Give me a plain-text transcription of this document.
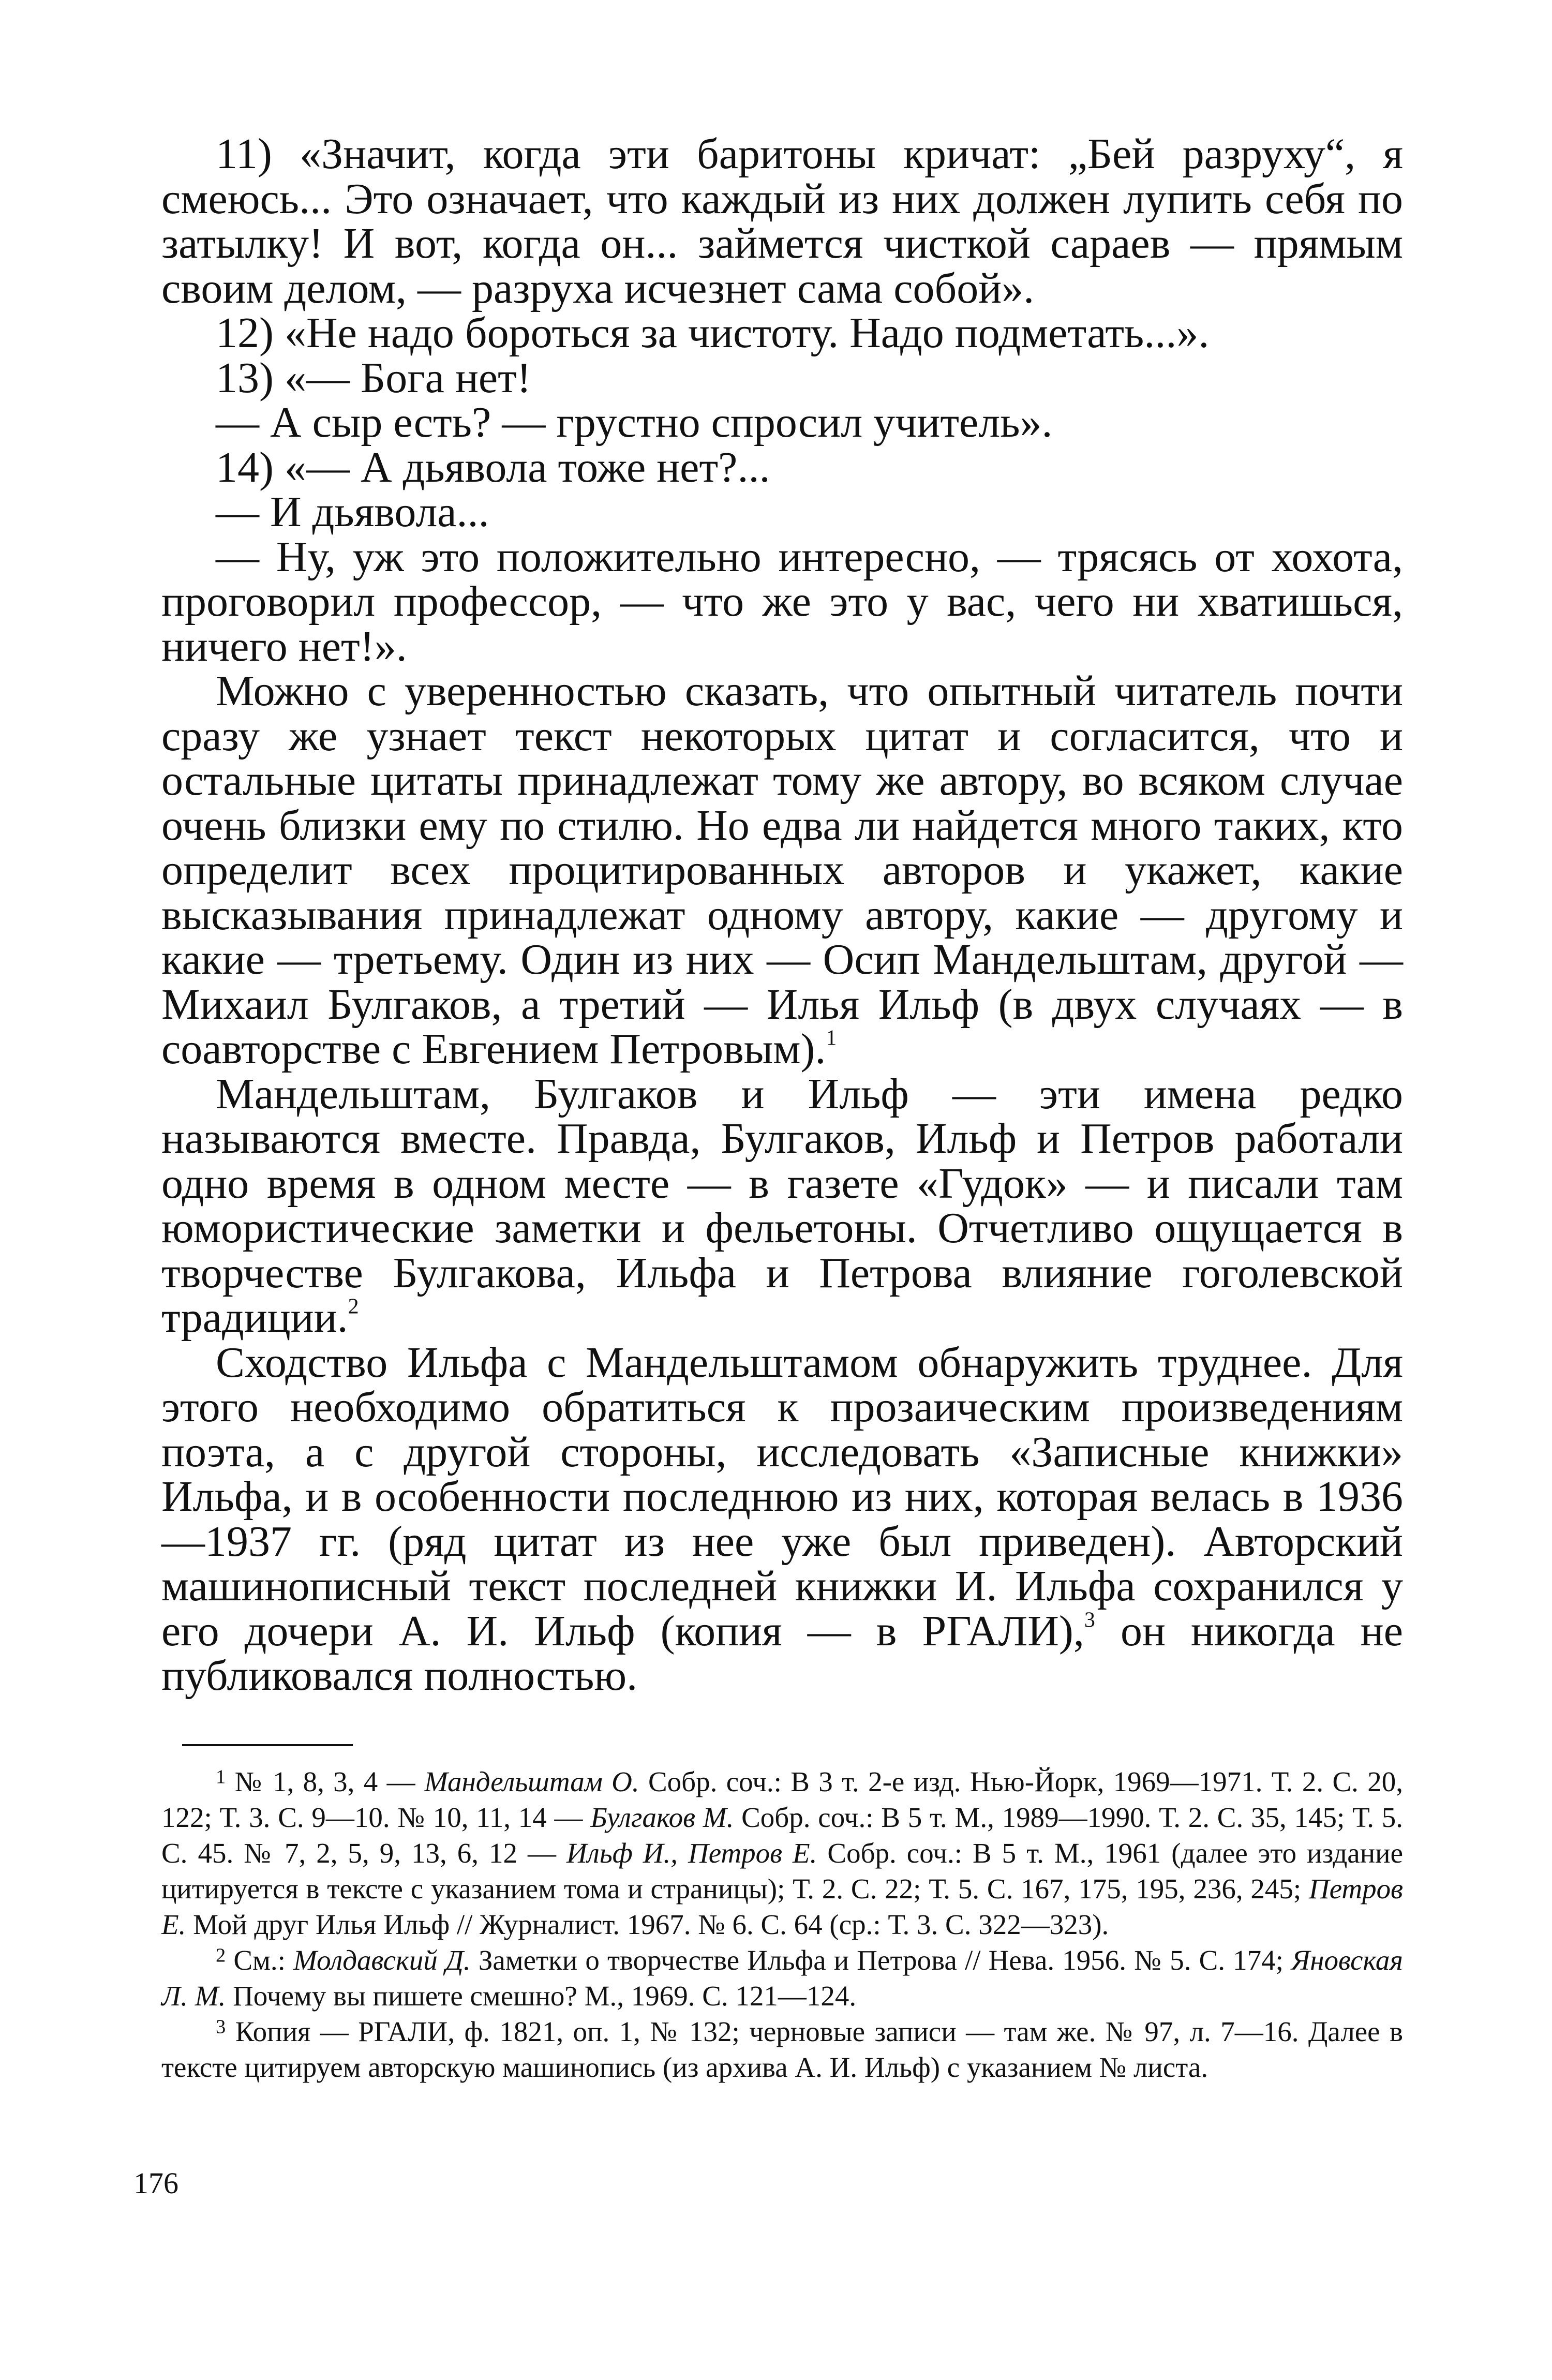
11) «Значит, когда эти баритоны кричат: „Бей разруху“, я смеюсь... Это означает, что каждый из них должен лупить себя по затылку! И вот, когда он... займется чисткой сараев — прямым своим делом, — разруха исчезнет сама собой».

12) «Не надо бороться за чистоту. Надо подметать...».

13) «— Бога нет!

— А сыр есть? — грустно спросил учитель».

14) «— А дьявола тоже нет?...

— И дьявола...

— Ну, уж это положительно интересно, — трясясь от хохота, проговорил профессор, — что же это у вас, чего ни хватишься, ничего нет!».

Можно с уверенностью сказать, что опытный читатель почти сразу же узнает текст некоторых цитат и согласится, что и остальные цитаты принадлежат тому же автору, во всяком случае очень близки ему по стилю. Но едва ли найдется много таких, кто определит всех процитированных авторов и укажет, какие высказывания принадлежат одному автору, какие — другому и какие — третьему. Один из них — Осип Мандельштам, другой — Михаил Булгаков, а третий — Илья Ильф (в двух случаях — в соавторстве с Евгением Петровым).$^1$

Мандельштам, Булгаков и Ильф — эти имена редко называются вместе. Правда, Булгаков, Ильф и Петров работали одно время в одном месте — в газете «Гудок» — и писали там юмористические заметки и фельетоны. Отчетливо ощущается в творчестве Булгакова, Ильфа и Петрова влияние гоголевской традиции.$^2$

Сходство Ильфа с Мандельштамом обнаружить труднее. Для этого необходимо обратиться к прозаическим произведениям поэта, а с другой стороны, исследовать «Записные книжки» Ильфа, и в особенности последнюю из них, которая велась в 1936—1937 гг. (ряд цитат из нее уже был приведен). Авторский машинописный текст последней книжки И. Ильфа сохранился у его дочери А. И. Ильф (копия — в РГАЛИ),$^3$ он никогда не публиковался полностью.

$^1$ № 1, 8, 3, 4 — Мандельштам О. Собр. соч.: В 3 т. 2-е изд. Нью-Йорк, 1969—1971. Т. 2. С. 20, 122; Т. 3. С. 9—10. № 10, 11, 14 — Булгаков М. Собр. соч.: В 5 т. М., 1989—1990. Т. 2. С. 35, 145; Т. 5. С. 45. № 7, 2, 5, 9, 13, 6, 12 — Ильф И., Петров Е. Собр. соч.: В 5 т. М., 1961 (далее это издание цитируется в тексте с указанием тома и страницы); Т. 2. С. 22; Т. 5. С. 167, 175, 195, 236, 245; Петров Е. Мой друг Илья Ильф // Журналист. 1967. № 6. С. 64 (ср.: Т. 3. С. 322—323).

$^2$ См.: Молдавский Д. Заметки о творчестве Ильфа и Петрова // Нева. 1956. № 5. С. 174; Яновская Л. М. Почему вы пишете смешно? М., 1969. С. 121—124.

$^3$ Копия — РГАЛИ, ф. 1821, оп. 1, № 132; черновые записи — там же. № 97, л. 7—16. Далее в тексте цитируем авторскую машинопись (из архива А. И. Ильф) с указанием № листа.

176
